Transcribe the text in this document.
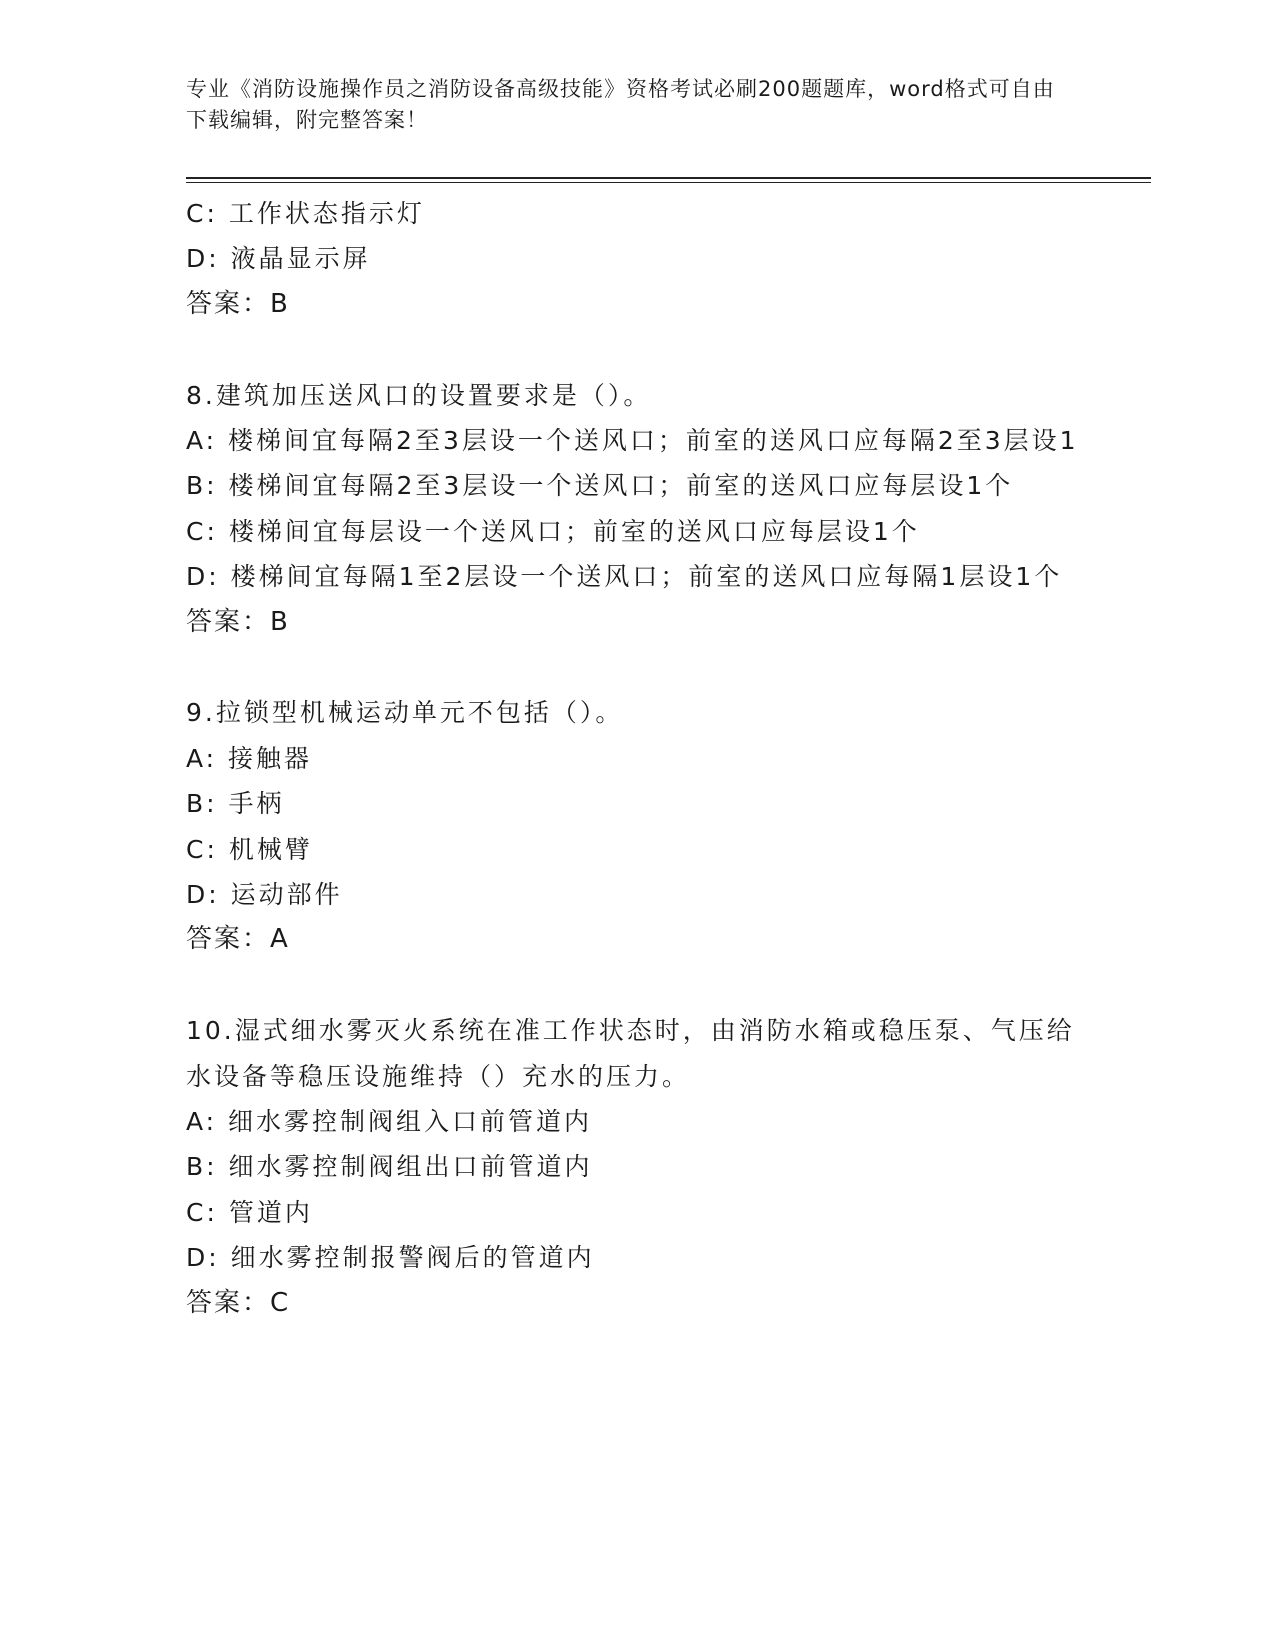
专业《消防设施操作员之消防设备高级技能》资格考试必刷200题题库，word格式可自由下载编辑，附完整答案！
C: 工作状态指示灯
D: 液晶显示屏
答案：B
8.建筑加压送风口的设置要求是（）。
A: 楼梯间宜每隔2至3层设一个送风口；前室的送风口应每隔2至3层设1
B: 楼梯间宜每隔2至3层设一个送风口；前室的送风口应每层设1个
C: 楼梯间宜每层设一个送风口；前室的送风口应每层设1个
D: 楼梯间宜每隔1至2层设一个送风口；前室的送风口应每隔1层设1个
答案：B
9.拉锁型机械运动单元不包括（）。
A: 接触器
B: 手柄
C: 机械臂
D: 运动部件
答案：A
10.湿式细水雾灭火系统在准工作状态时，由消防水箱或稳压泵、气压给水设备等稳压设施维持（）充水的压力。
A: 细水雾控制阀组入口前管道内
B: 细水雾控制阀组出口前管道内
C: 管道内
D: 细水雾控制报警阀后的管道内
答案：C
